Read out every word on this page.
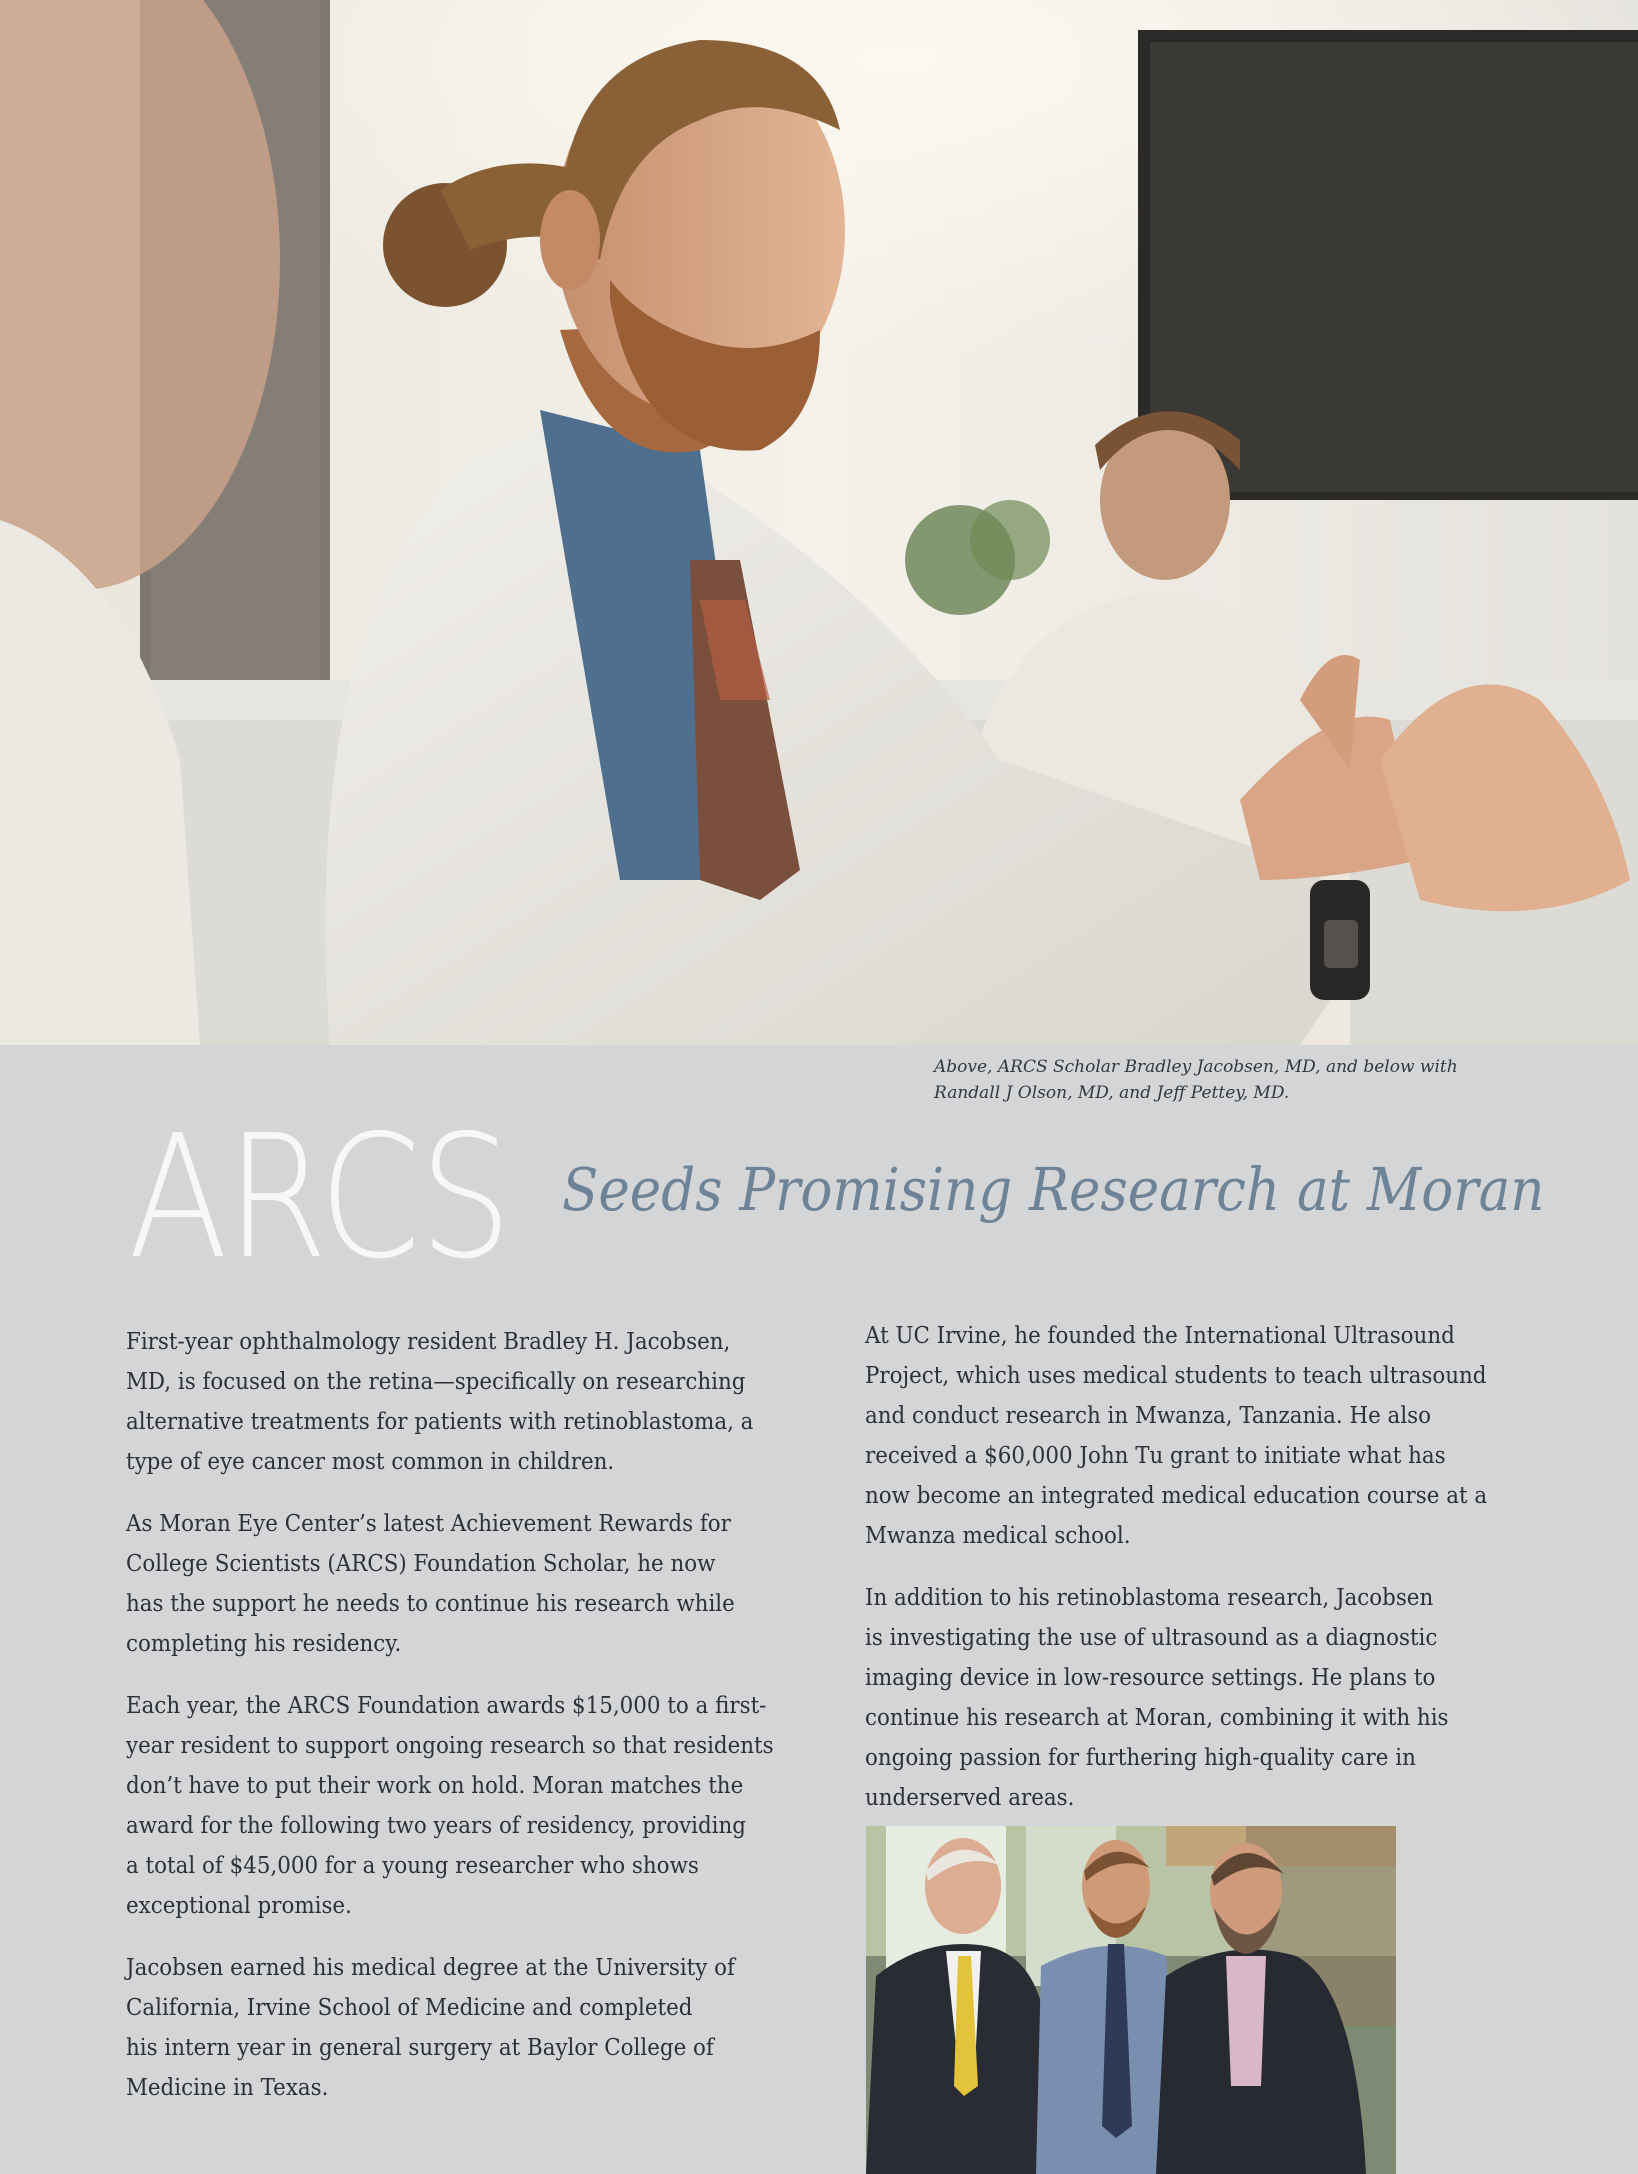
Above, ARCS Scholar Bradley Jacobsen, MD, and below with
Randall J Olson, MD, and Jeff Pettey, MD.
ARCS Seeds Promising Research at Moran

First-year ophthalmology resident Bradley H. Jacobsen,
MD, is focused on the retina—specifically on researching
alternative treatments for patients with retinoblastoma, a
type of eye cancer most common in children.

As Moran Eye Center’s latest Achievement Rewards for
College Scientists (ARCS) Foundation Scholar, he now
has the support he needs to continue his research while
completing his residency.

Each year, the ARCS Foundation awards $15,000 to a first-
year resident to support ongoing research so that residents
don’t have to put their work on hold. Moran matches the
award for the following two years of residency, providing
a total of $45,000 for a young researcher who shows
exceptional promise.

Jacobsen earned his medical degree at the University of
California, Irvine School of Medicine and completed
his intern year in general surgery at Baylor College of
Medicine in Texas.

At UC Irvine, he founded the International Ultrasound
Project, which uses medical students to teach ultrasound
and conduct research in Mwanza, Tanzania. He also
received a $60,000 John Tu grant to initiate what has
now become an integrated medical education course at a
Mwanza medical school.

In addition to his retinoblastoma research, Jacobsen
is investigating the use of ultrasound as a diagnostic
imaging device in low-resource settings. He plans to
continue his research at Moran, combining it with his
ongoing passion for furthering high-quality care in
underserved areas.
